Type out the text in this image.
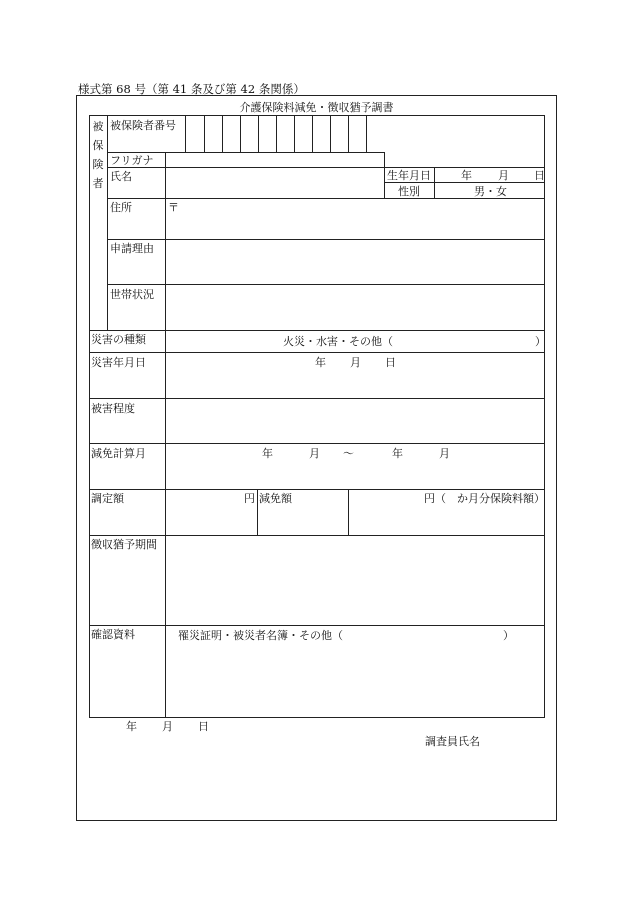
様式第 68 号（第 41 条及び第 42 条関係）
介護保険料減免・徴収猶予調書
被
保
険
者
被保険者番号
フリガナ
氏名	生年月日	年 月 日
性別	男・女
住所	〒
申請理由
世帯状況
災害の種類	火災・水害・その他（	）
災害年月日	年 月 日
被害程度
減免計算月	年	月 ～	年	月
調定額	円 減免額	円（　か月分保険料額）
徴収猶予期間
確認資料	罹災証明・被災者名簿・その他（	）
年 月 日
調査員氏名
